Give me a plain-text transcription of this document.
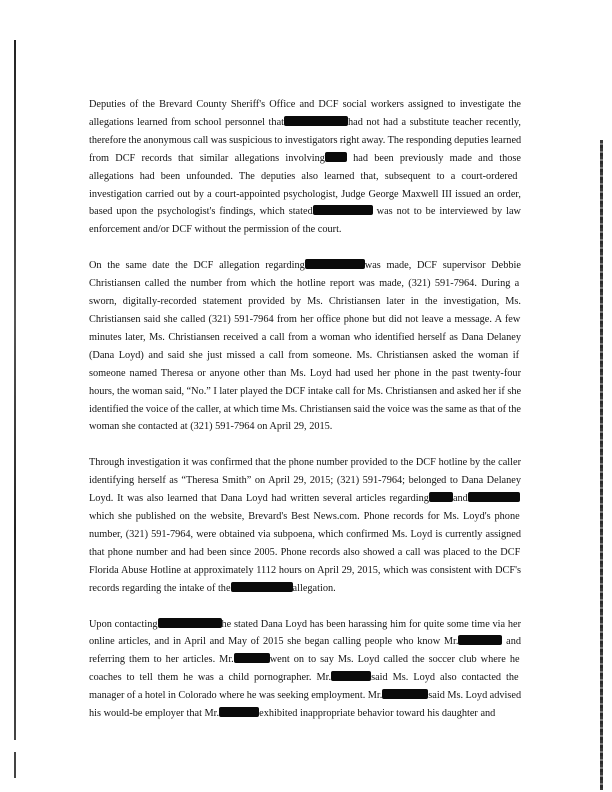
Deputies of the Brevard County Sheriff's Office and DCF social workers assigned to investigate the
allegations learned from school personnel that	had not had a substitute teacher recently,
therefore the anonymous call was suspicious to investigators right away. The responding deputies learned
from DCF records that similar allegations involving had been previously made and those
allegations had been unfounded. The deputies also learned that, subsequent to a court-ordered
investigation carried out by a court-appointed psychologist, Judge George Maxwell III issued an order,
based upon the psychologist's findings, which stated	was not to be interviewed by law
enforcement and/or DCF without the permission of the court.
On the same date the DCF allegation regarding	was made, DCF supervisor Debbie
Christiansen called the number from which the hotline report was made, (321) 591-7964. During a
sworn, digitally-recorded statement provided by Ms. Christiansen later in the investigation, Ms.
Christiansen said she called (321) 591-7964 from her office phone but did not leave a message. A few
minutes later, Ms. Christiansen received a call from a woman who identified herself as Dana Delaney
(Dana Loyd) and said she just missed a call from someone. Ms. Christiansen asked the woman if
someone named Theresa or anyone other than Ms. Loyd had used her phone in the past twenty-four
hours, the woman said, “No.” I later played the DCF intake call for Ms. Christiansen and asked her if she
identified the voice of the caller, at which time Ms. Christiansen said the voice was the same as that of the
woman she contacted at (321) 591-7964 on April 29, 2015.
Through investigation it was confirmed that the phone number provided to the DCF hotline by the caller
identifying herself as “Theresa Smith” on April 29, 2015; (321) 591-7964; belonged to Dana Delaney
Loyd. It was also learned that Dana Loyd had written several articles regarding and
which she published on the website, Brevard's Best News.com. Phone records for Ms. Loyd's phone
number, (321) 591-7964, were obtained via subpoena, which confirmed Ms. Loyd is currently assigned
that phone number and had been since 2005. Phone records also showed a call was placed to the DCF
Florida Abuse Hotline at approximately 1112 hours on April 29, 2015, which was consistent with DCF's
records regarding the intake of the	allegation.
Upon contacting	he stated Dana Loyd has been harassing him for quite some time via her
online articles, and in April and May of 2015 she began calling people who know Mr.	and
referring them to her articles. Mr.	went on to say Ms. Loyd called the soccer club where he
coaches to tell them he was a child pornographer. Mr.	said Ms. Loyd also contacted the
manager of a hotel in Colorado where he was seeking employment. Mr.	said Ms. Loyd advised
his would-be employer that Mr.	exhibited inappropriate behavior toward his daughter and
